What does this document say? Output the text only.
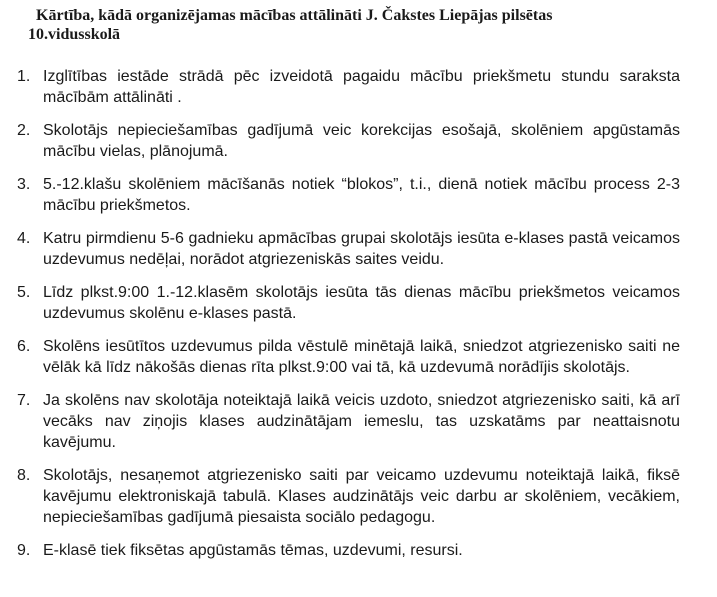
Kārtība, kādā organizējamas mācības attālināti J. Čakstes Liepājas pilsētas
10.vidusskolā
1. Izglītības iestāde strādā pēc izveidotā pagaidu mācību priekšmetu stundu saraksta mācībām attālināti .
2. Skolotājs nepieciešamības gadījumā veic korekcijas esošajā, skolēniem apgūstamās mācību vielas, plānojumā.
3. 5.-12.klašu skolēniem mācīšanās notiek “blokos”, t.i., dienā notiek mācību process 2-3 mācību priekšmetos.
4. Katru pirmdienu 5-6 gadnieku apmācības grupai skolotājs iesūta e-klases pastā veicamos uzdevumus nedēļai, norādot atgriezeniskās saites veidu.
5. Līdz plkst.9:00 1.-12.klasēm skolotājs iesūta tās dienas mācību priekšmetos veicamos uzdevumus skolēnu e-klases pastā.
6. Skolēns iesūtītos uzdevumus pilda vēstulē minētajā laikā, sniedzot atgriezenisko saiti ne vēlāk kā līdz nākošās dienas rīta plkst.9:00 vai tā, kā uzdevumā norādījis skolotājs.
7. Ja skolēns nav skolotāja noteiktajā laikā veicis uzdoto, sniedzot atgriezenisko saiti, kā arī vecāks nav ziņojis klases audzinātājam iemeslu, tas uzskatāms par neattaisnotu kavējumu.
8. Skolotājs, nesaņemot atgriezenisko saiti par veicamo uzdevumu noteiktajā laikā, fiksē kavējumu elektroniskajā tabulā. Klases audzinātājs veic darbu ar skolēniem, vecākiem, nepieciešamības gadījumā piesaista sociālo pedagogu.
9. E-klasē tiek fiksētas apgūstamās tēmas, uzdevumi, resursi.
